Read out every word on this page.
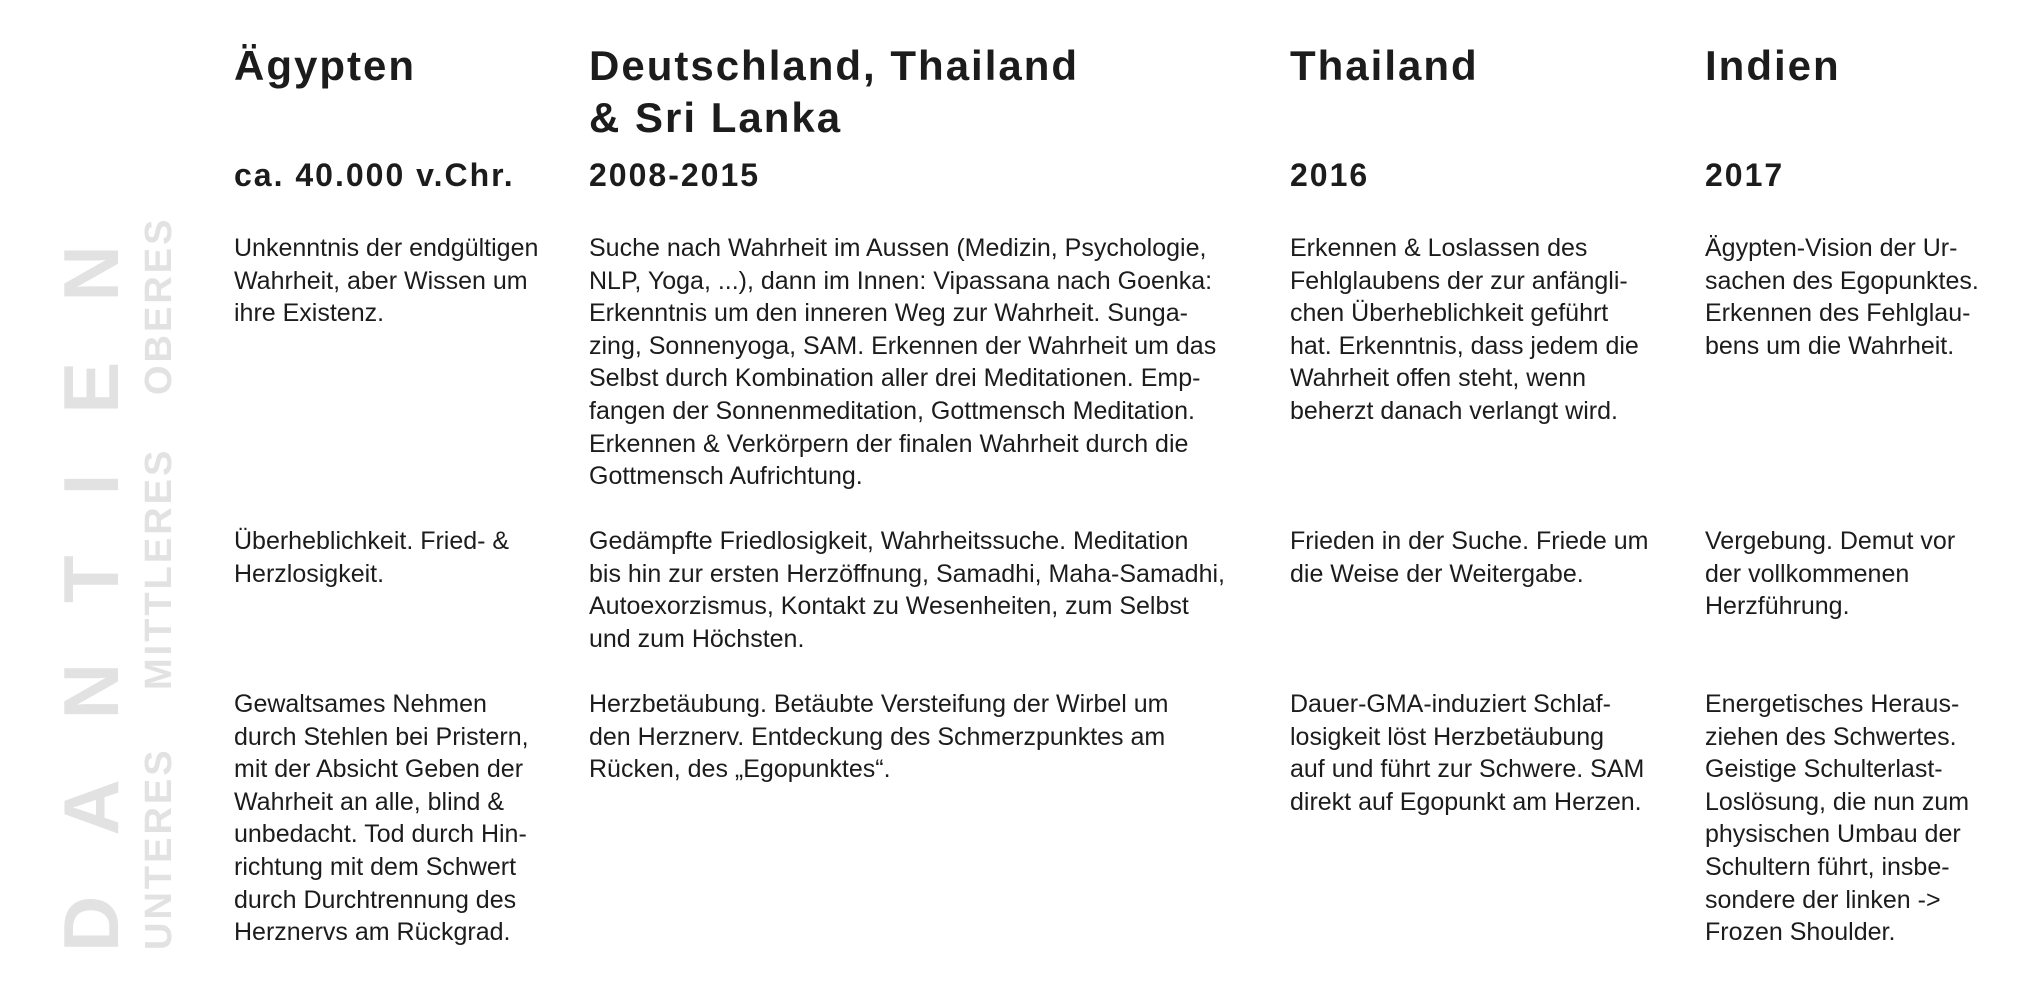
DANTIEN OBERES
MITTLERES
UNTERES
Ägypten
ca. 40.000 v.Chr.

Unkenntnis der endgültigen
Wahrheit, aber Wissen um
ihre Existenz.

Überheblichkeit. Fried- &
Herzlosigkeit.

Gewaltsames Nehmen
durch Stehlen bei Pristern,
mit der Absicht Geben der
Wahrheit an alle, blind &
unbedacht. Tod durch Hin-
richtung mit dem Schwert
durch Durchtrennung des
Herznervs am Rückgrad.

Deutschland, Thailand
& Sri Lanka
2008-2015

Suche nach Wahrheit im Aussen (Medizin, Psychologie,
NLP, Yoga, ...), dann im Innen: Vipassana nach Goenka:
Erkenntnis um den inneren Weg zur Wahrheit. Sunga-
zing, Sonnenyoga, SAM. Erkennen der Wahrheit um das
Selbst durch Kombination aller drei Meditationen. Emp-
fangen der Sonnenmeditation, Gottmensch Meditation.
Erkennen & Verkörpern der finalen Wahrheit durch die
Gottmensch Aufrichtung.

Gedämpfte Friedlosigkeit, Wahrheitssuche. Meditation
bis hin zur ersten Herzöffnung, Samadhi, Maha-Samadhi,
Autoexorzismus, Kontakt zu Wesenheiten, zum Selbst
und zum Höchsten.

Herzbetäubung. Betäubte Versteifung der Wirbel um
den Herznerv. Entdeckung des Schmerzpunktes am
Rücken, des „Egopunktes“.

Thailand
2016

Erkennen & Loslassen des
Fehlglaubens der zur anfängli-
chen Überheblichkeit geführt
hat. Erkenntnis, dass jedem die
Wahrheit offen steht, wenn
beherzt danach verlangt wird.

Frieden in der Suche. Friede um
die Weise der Weitergabe.

Dauer-GMA-induziert Schlaf-
losigkeit löst Herzbetäubung
auf und führt zur Schwere. SAM
direkt auf Egopunkt am Herzen.

Indien
2017

Ägypten-Vision der Ur-
sachen des Egopunktes.
Erkennen des Fehlglau-
bens um die Wahrheit.

Vergebung. Demut vor
der vollkommenen
Herzführung.

Energetisches Heraus-
ziehen des Schwertes.
Geistige Schulterlast-
Loslösung, die nun zum
physischen Umbau der
Schultern führt, insbe-
sondere der linken ->
Frozen Shoulder.
